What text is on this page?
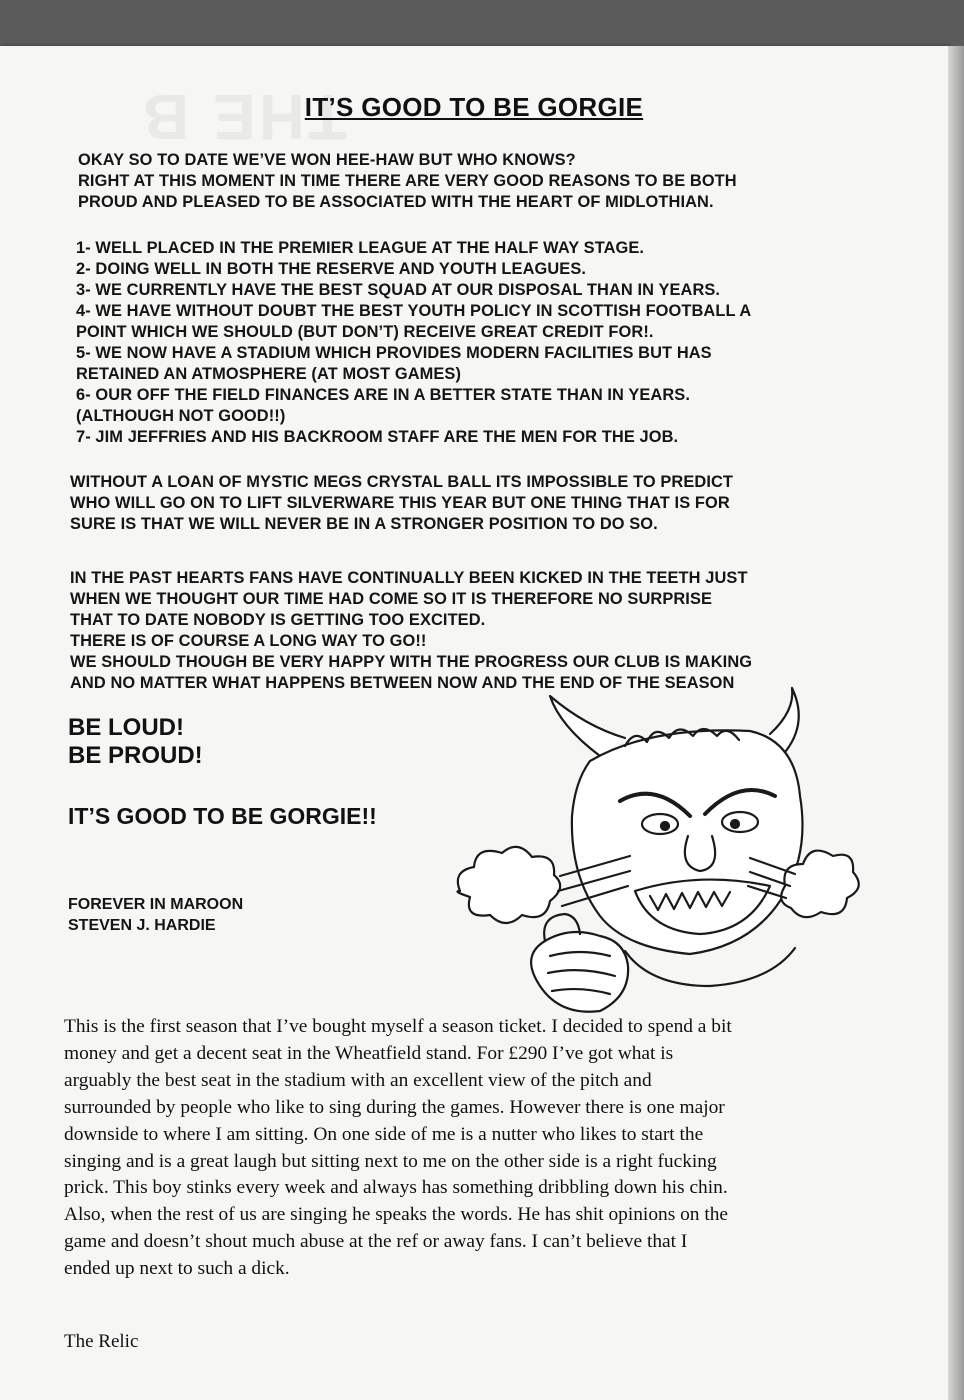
THE B
IT’S GOOD TO BE GORGIE

OKAY SO TO DATE WE’VE WON HEE-HAW BUT WHO KNOWS?

RIGHT AT THIS MOMENT IN TIME THERE ARE VERY GOOD REASONS TO BE BOTH

PROUD AND PLEASED TO BE ASSOCIATED WITH THE HEART OF MIDLOTHIAN.

1- WELL PLACED IN THE PREMIER LEAGUE AT THE HALF WAY STAGE.

2- DOING WELL IN BOTH THE RESERVE AND YOUTH LEAGUES.

3- WE CURRENTLY HAVE THE BEST SQUAD AT OUR DISPOSAL THAN IN YEARS.

4- WE HAVE WITHOUT DOUBT THE BEST YOUTH POLICY IN SCOTTISH FOOTBALL A

POINT WHICH WE SHOULD (BUT DON’T) RECEIVE GREAT CREDIT FOR!.

5- WE NOW HAVE A STADIUM WHICH PROVIDES MODERN FACILITIES BUT HAS

RETAINED AN ATMOSPHERE (AT MOST GAMES)

6- OUR OFF THE FIELD FINANCES ARE IN A BETTER STATE THAN IN YEARS.

(ALTHOUGH NOT GOOD!!)

7- JIM JEFFRIES AND HIS BACKROOM STAFF ARE THE MEN FOR THE JOB.

WITHOUT A LOAN OF MYSTIC MEGS CRYSTAL BALL ITS IMPOSSIBLE TO PREDICT

WHO WILL GO ON TO LIFT SILVERWARE THIS YEAR BUT ONE THING THAT IS FOR

SURE IS THAT WE WILL NEVER BE IN A STRONGER POSITION TO DO SO.

IN THE PAST HEARTS FANS HAVE CONTINUALLY BEEN KICKED IN THE TEETH JUST

WHEN WE THOUGHT OUR TIME HAD COME SO IT IS THEREFORE NO SURPRISE

THAT TO DATE NOBODY IS GETTING TOO EXCITED.

THERE IS OF COURSE A LONG WAY TO GO!!

WE SHOULD THOUGH BE VERY HAPPY WITH THE PROGRESS OUR CLUB IS MAKING

AND NO MATTER WHAT HAPPENS BETWEEN NOW AND THE END OF THE SEASON

BE LOUD!
BE PROUD!
IT’S GOOD TO BE GORGIE!!

FOREVER IN MAROON

STEVEN J. HARDIE

This is the first season that I’ve bought myself a season ticket. I decided to spend a bit

money and get a decent seat in the Wheatfield stand. For £290 I’ve got what is

arguably the best seat in the stadium with an excellent view of the pitch and

surrounded by people who like to sing during the games. However there is one major

downside to where I am sitting. On one side of me is a nutter who likes to start the

singing and is a great laugh but sitting next to me on the other side is a right fucking

prick. This boy stinks every week and always has something dribbling down his chin.

Also, when the rest of us are singing he speaks the words. He has shit opinions on the

game and doesn’t shout much abuse at the ref or away fans. I can’t believe that I

ended up next to such a dick.

The Relic
